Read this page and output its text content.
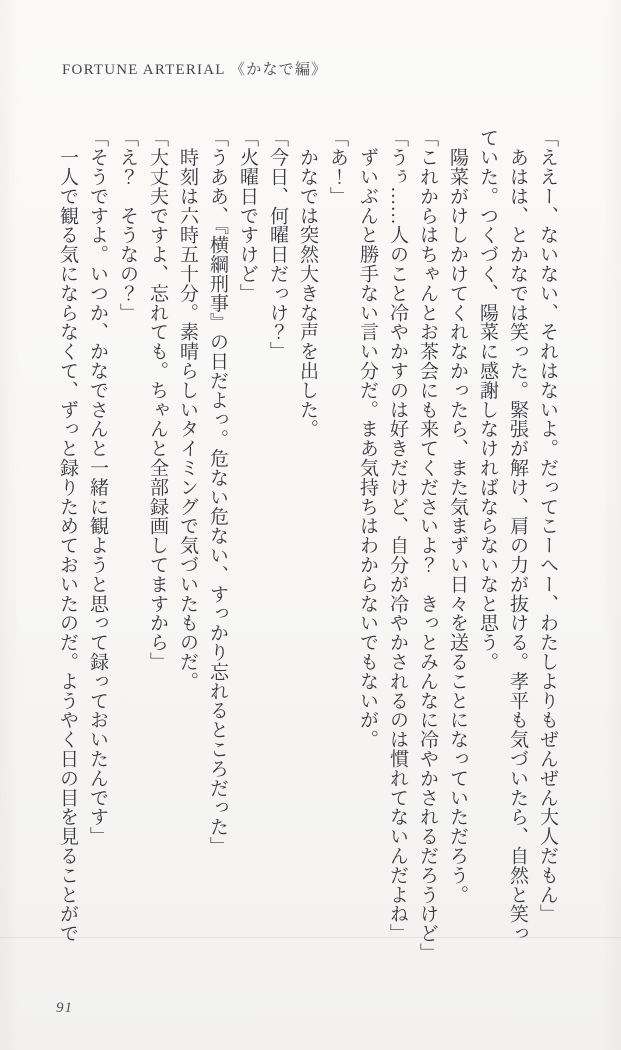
FORTUNE ARTERIAL 《かなで編》

「ええー、ないない、それはないよ。だってこーへー、わたしよりもぜんぜん大人だもん」

　あはは、とかなでは笑った。緊張が解け、肩の力が抜ける。孝平も気づいたら、自然と笑っ

ていた。つくづく、陽菜に感謝しなければならないなと思う。

　陽菜がけしかけてくれなかったら、また気まずい日々を送ることになっていただろう。

「これからはちゃんとお茶会にも来てくださいよ？　きっとみんなに冷やかされるだろうけど」

「うぅ……人のこと冷やかすのは好きだけど、自分が冷やかされるのは慣れてないんだよね」

　ずいぶんと勝手ない言い分だ。まあ気持ちはわからないでもないが。

「あ！」

　かなでは突然大きな声を出した。

「今日、何曜日だっけ？」

「火曜日ですけど」

「うああ、『横綱刑事』の日だよっ。危ない危ない、すっかり忘れるところだった」

　時刻は六時五十分。素晴らしいタイミングで気づいたものだ。

「大丈夫ですよ、忘れても。ちゃんと全部録画してますから」

「え？　そうなの？」

「そうですよ。いつか、かなでさんと一緒に観ようと思って録っておいたんです」

　一人で観る気にならなくて、ずっと録りためておいたのだ。ようやく日の目を見ることがで

91
